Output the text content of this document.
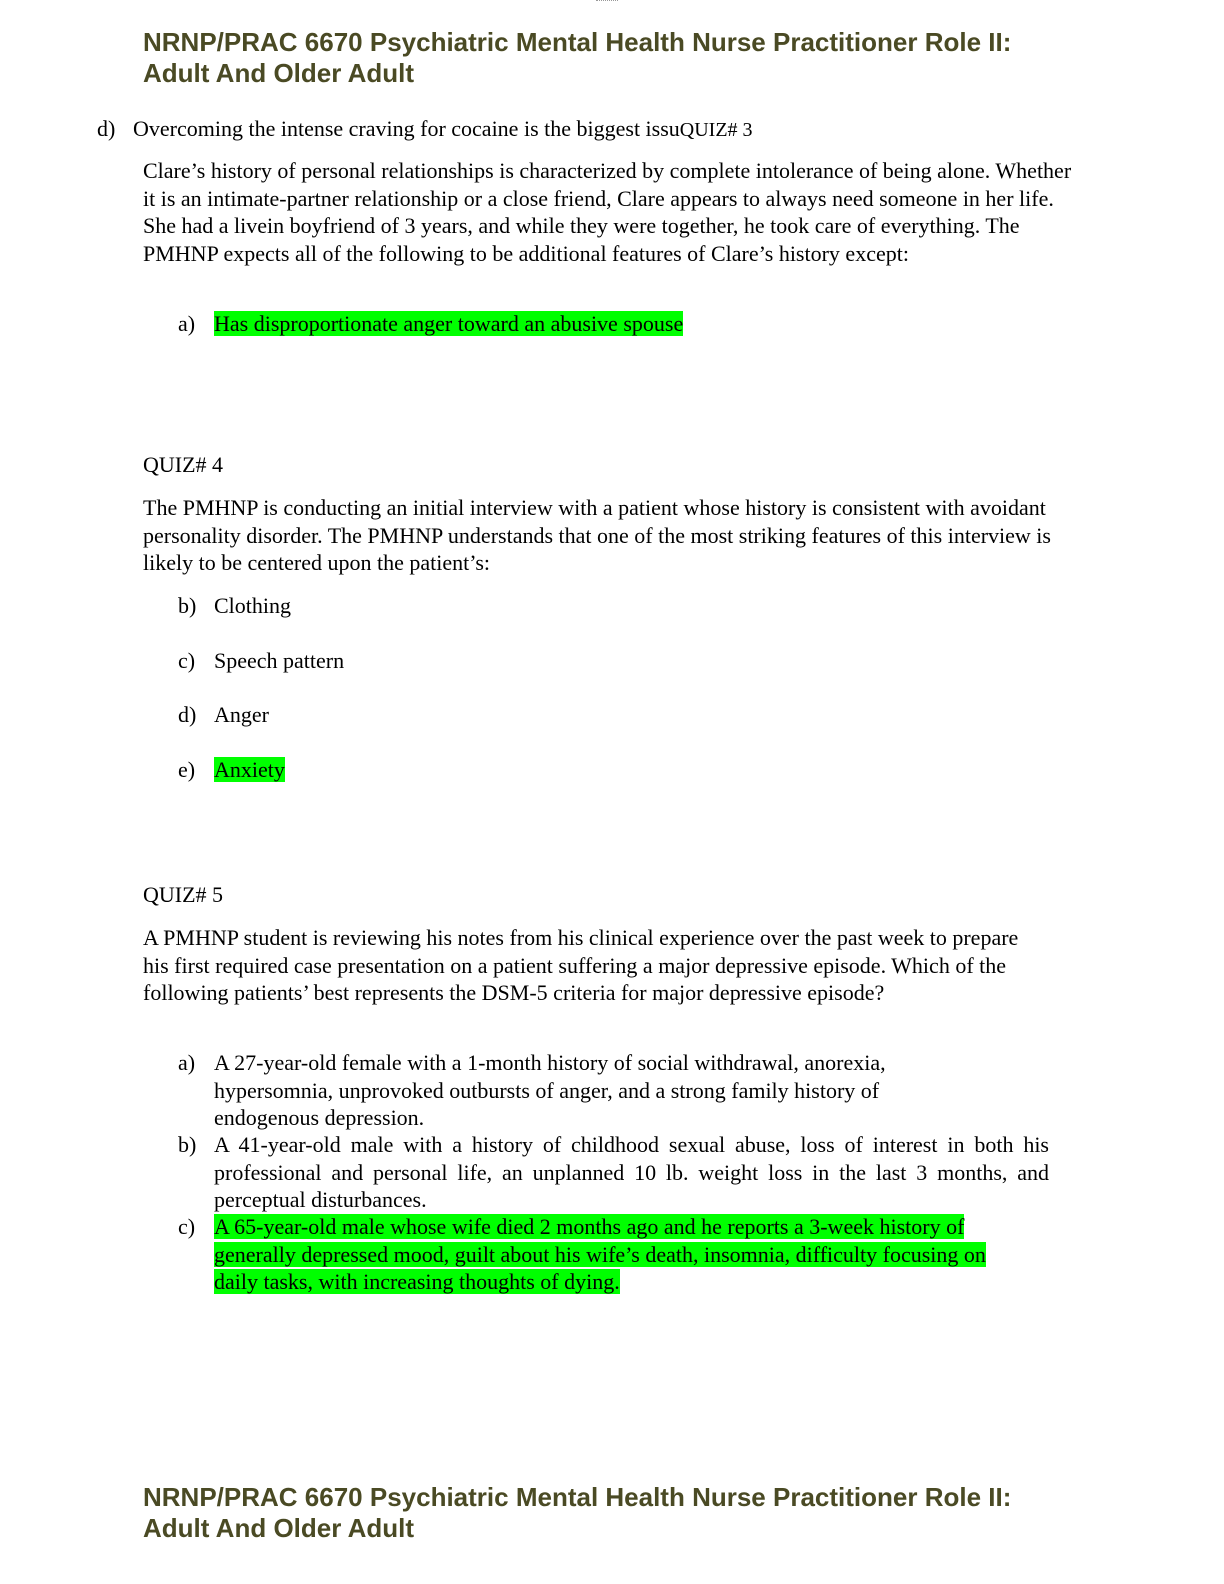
NRNP/PRAC 6670 Psychiatric Mental Health Nurse Practitioner Role II:
Adult And Older Adult
d) Overcoming the intense craving for cocaine is the biggest issuQUIZ# 3
Clare’s history of personal relationships is characterized by complete intolerance of being alone. Whether it is an intimate-partner relationship or a close friend, Clare appears to always need someone in her life. She had a livein boyfriend of 3 years, and while they were together, he took care of everything. The PMHNP expects all of the following to be additional features of Clare’s history except:
a) Has disproportionate anger toward an abusive spouse
QUIZ# 4
The PMHNP is conducting an initial interview with a patient whose history is consistent with avoidant personality disorder. The PMHNP understands that one of the most striking features of this interview is likely to be centered upon the patient’s:
b) Clothing
c) Speech pattern
d) Anger
e) Anxiety
QUIZ# 5
A PMHNP student is reviewing his notes from his clinical experience over the past week to prepare his first required case presentation on a patient suffering a major depressive episode. Which of the following patients’ best represents the DSM-5 criteria for major depressive episode?
a) A 27-year-old female with a 1-month history of social withdrawal, anorexia, hypersomnia, unprovoked outbursts of anger, and a strong family history of endogenous depression.
b) A 41-year-old male with a history of childhood sexual abuse, loss of interest in both his professional and personal life, an unplanned 10 lb. weight loss in the last 3 months, and perceptual disturbances.
c) A 65-year-old male whose wife died 2 months ago and he reports a 3-week history of generally depressed mood, guilt about his wife’s death, insomnia, difficulty focusing on daily tasks, with increasing thoughts of dying.
NRNP/PRAC 6670 Psychiatric Mental Health Nurse Practitioner Role II:
Adult And Older Adult
